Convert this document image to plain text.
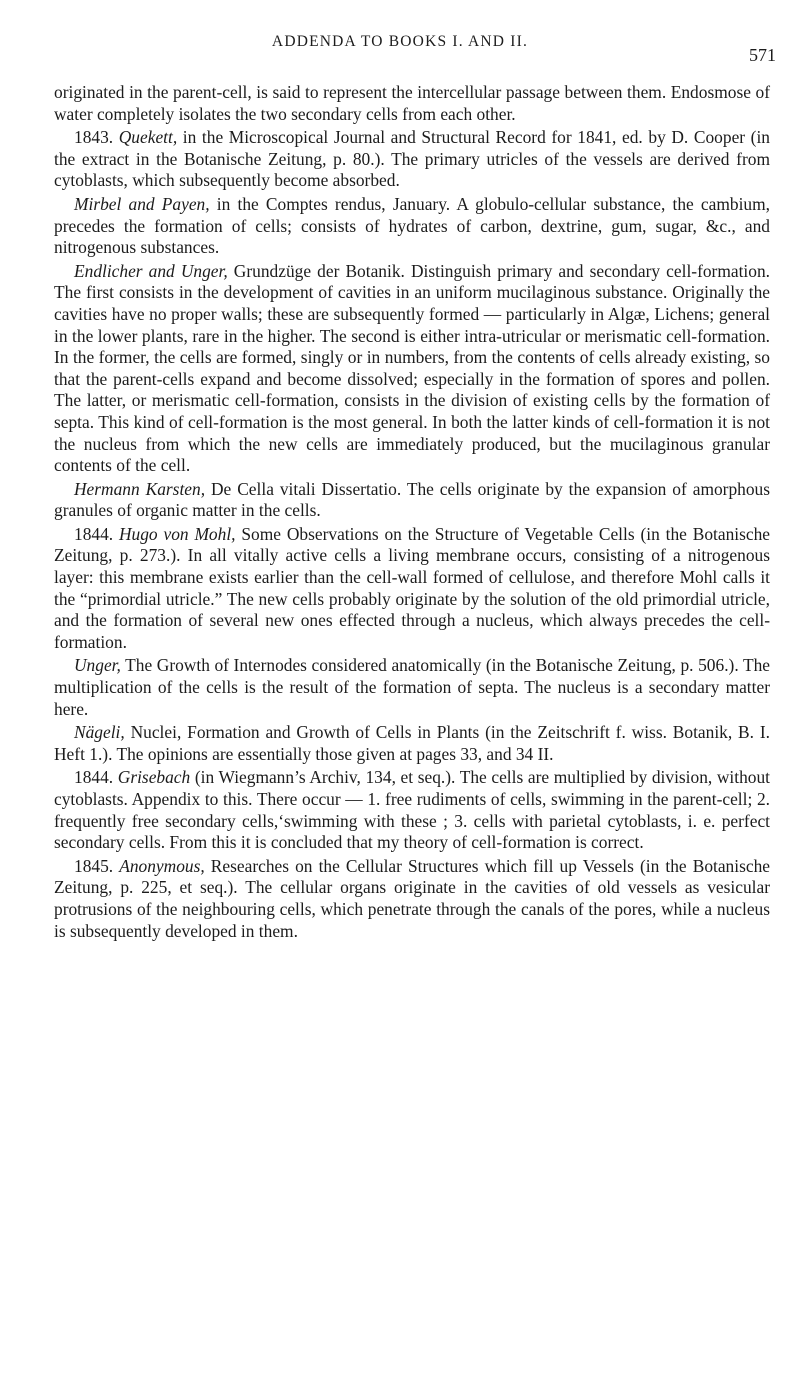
ADDENDA TO BOOKS I. AND II.
571

originated in the parent-cell, is said to represent the intercellular passage between them. Endosmose of water completely isolates the two secondary cells from each other.

1843. Quekett, in the Microscopical Journal and Structural Record for 1841, ed. by D. Cooper (in the extract in the Botanische Zeitung, p. 80.). The primary utricles of the vessels are derived from cytoblasts, which subsequently become absorbed.

Mirbel and Payen, in the Comptes rendus, January. A globulo-cellular substance, the cambium, precedes the formation of cells; consists of hydrates of carbon, dextrine, gum, sugar, &c., and nitrogenous substances.

Endlicher and Unger, Grundzüge der Botanik. Distinguish primary and secondary cell-formation. The first consists in the development of cavities in an uniform mucilaginous substance. Originally the cavities have no proper walls; these are subsequently formed — particularly in Algæ, Lichens; general in the lower plants, rare in the higher. The second is either intra-utricular or merismatic cell-formation. In the former, the cells are formed, singly or in numbers, from the contents of cells already existing, so that the parent-cells expand and become dissolved; especially in the formation of spores and pollen. The latter, or merismatic cell-formation, consists in the division of existing cells by the formation of septa. This kind of cell-formation is the most general. In both the latter kinds of cell-formation it is not the nucleus from which the new cells are immediately produced, but the mucilaginous granular contents of the cell.

Hermann Karsten, De Cella vitali Dissertatio. The cells originate by the expansion of amorphous granules of organic matter in the cells.

1844. Hugo von Mohl, Some Observations on the Structure of Vegetable Cells (in the Botanische Zeitung, p. 273.). In all vitally active cells a living membrane occurs, consisting of a nitrogenous layer: this membrane exists earlier than the cell-wall formed of cellulose, and therefore Mohl calls it the “primordial utricle.” The new cells probably originate by the solution of the old primordial utricle, and the formation of several new ones effected through a nucleus, which always precedes the cell-formation.

Unger, The Growth of Internodes considered anatomically (in the Botanische Zeitung, p. 506.). The multiplication of the cells is the result of the formation of septa. The nucleus is a secondary matter here.

Nägeli, Nuclei, Formation and Growth of Cells in Plants (in the Zeitschrift f. wiss. Botanik, B. I. Heft 1.). The opinions are essentially those given at pages 33, and 34 II.

1844. Grisebach (in Wiegmann’s Archiv, 134, et seq.). The cells are multiplied by division, without cytoblasts. Appendix to this. There occur — 1. free rudiments of cells, swimming in the parent-cell; 2. frequently free secondary cells,‘swimming with these ; 3. cells with parietal cytoblasts, i. e. perfect secondary cells. From this it is concluded that my theory of cell-formation is correct.

1845. Anonymous, Researches on the Cellular Structures which fill up Vessels (in the Botanische Zeitung, p. 225, et seq.). The cellular organs originate in the cavities of old vessels as vesicular protrusions of the neighbouring cells, which penetrate through the canals of the pores, while a nucleus is subsequently developed in them.
